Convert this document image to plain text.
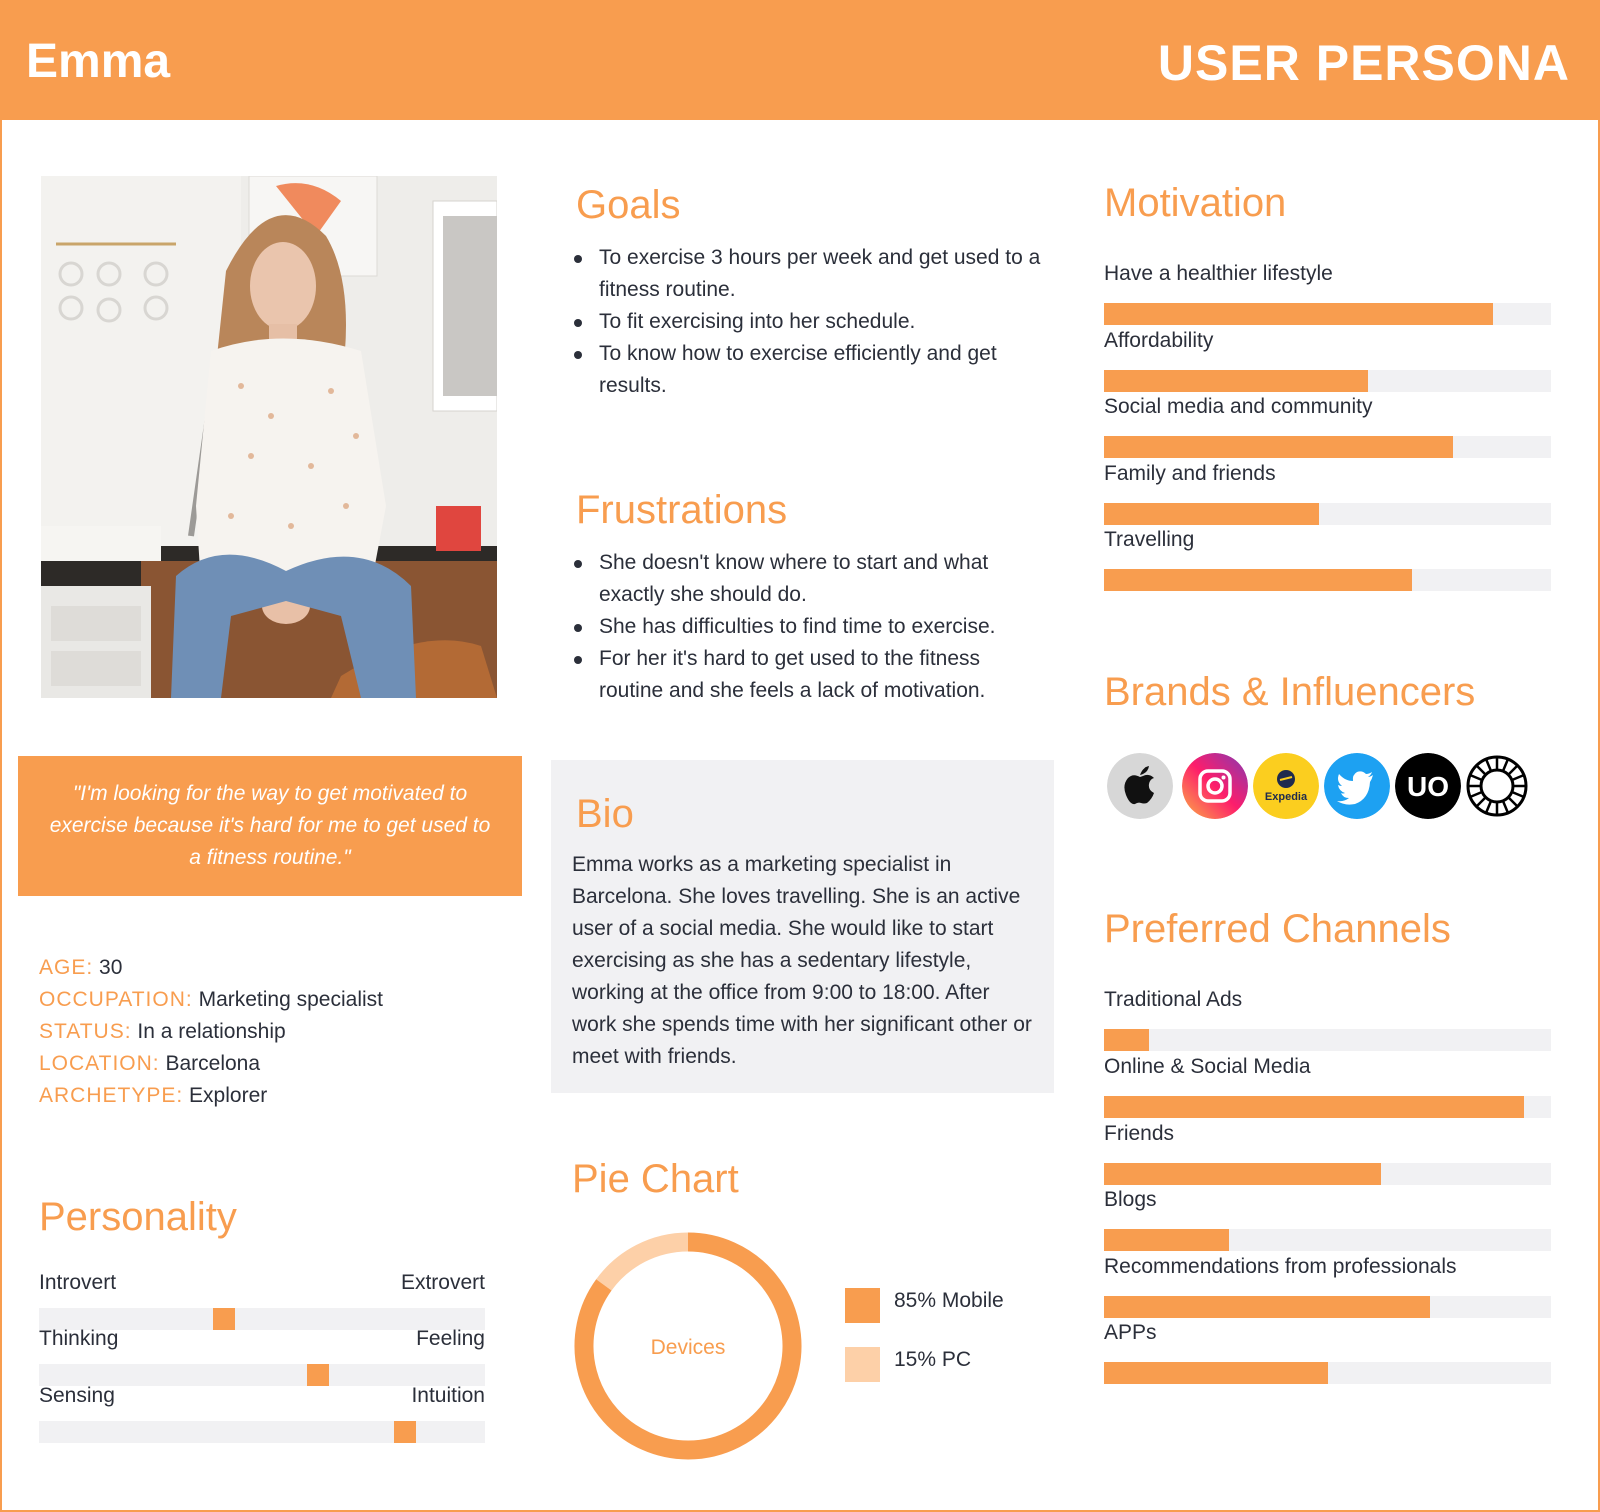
Emma	USER PERSONA
"I'm looking for the way to get motivated to exercise because it's hard for me to get used to a fitness routine."
AGE: 30
OCCUPATION: Marketing specialist
STATUS: In a relationship
LOCATION: Barcelona
ARCHETYPE: Explorer
Personality
Introvert	Extrovert
Thinking	Feeling
Sensing	Intuition
Goals
To exercise 3 hours per week and get used to a fitness routine.
To fit exercising into her schedule.
To know how to exercise efficiently and get results.
Frustrations
She doesn't know where to start and what exactly she should do.
She has difficulties to find time to exercise.
For her it's hard to get used to the fitness routine and she feels a lack of motivation.
Bio
Emma works as a marketing specialist in Barcelona. She loves travelling. She is an active user of a social media. She would like to start exercising as she has a sedentary lifestyle, working at the office from 9:00 to 18:00. After work she spends time with her significant other or meet with friends.
Pie Chart
Devices
85% Mobile
15% PC
Motivation
Have a healthier lifestyle
Affordability
Social media and community
Family and friends
Travelling
Brands & Influencers
Expedia	UO
Preferred Channels
Traditional Ads
Online & Social Media
Friends
Blogs
Recommendations from professionals
APPs
